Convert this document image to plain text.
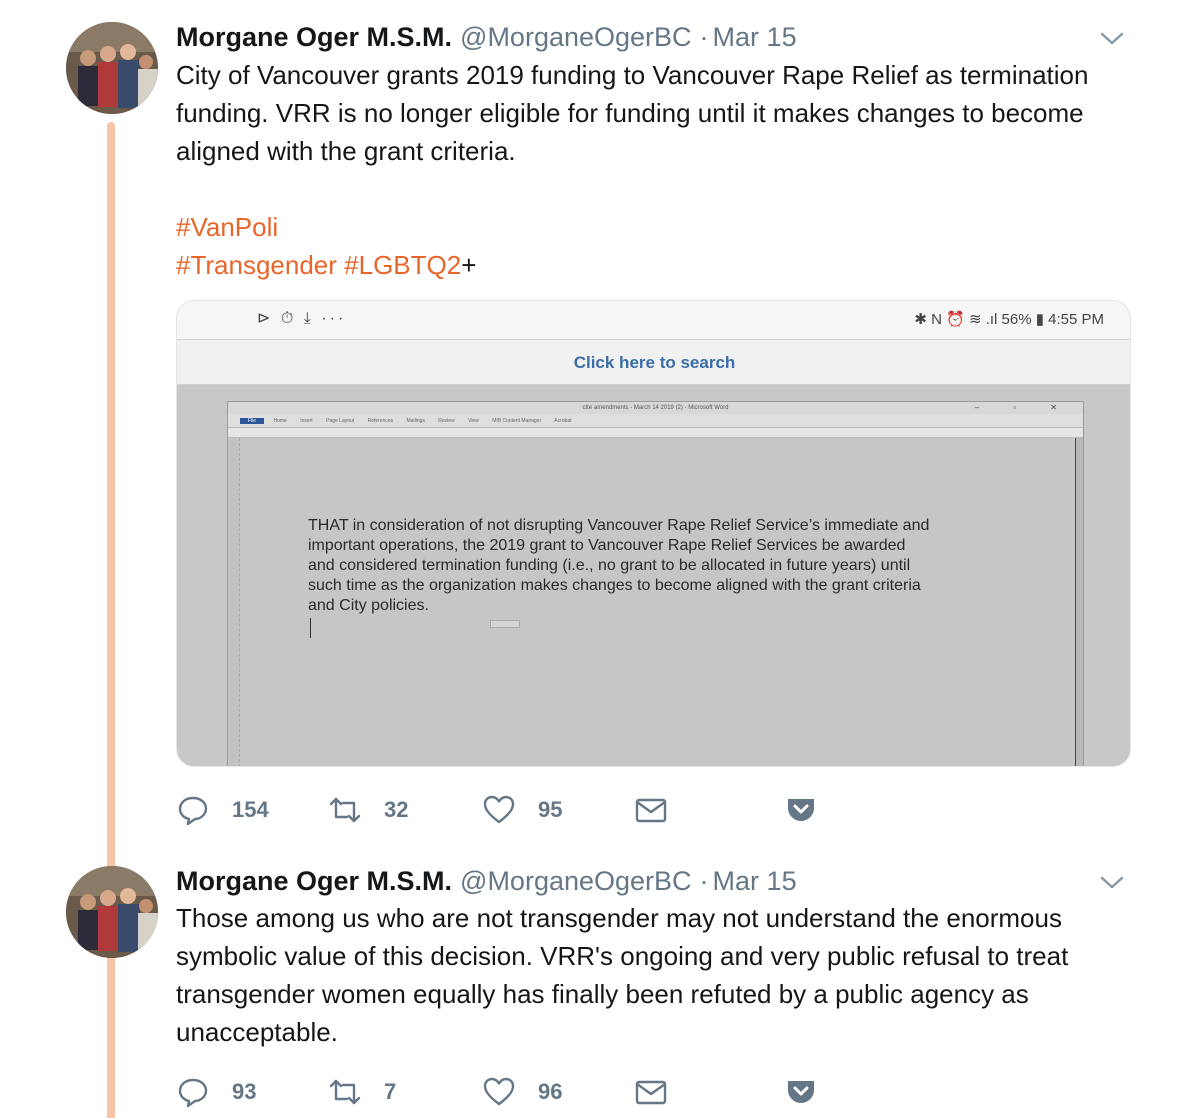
Morgane Oger M.S.M. @MorganeOgerBC · Mar 15
City of Vancouver grants 2019 funding to Vancouver Rape Relief as termination funding. VRR is no longer eligible for funding until it makes changes to become aligned with the grant criteria.
#VanPoli
#Transgender #LGBTQ2+
⊳ ⏱ ⤓ ···	✱ N ⏰ ≋ .ıl 56% ▮ 4:55 PM
Click here to search
ctte amendments - March 14 2019 (2) - Microsoft Word	– ▫ ✕
File	Home	Insert	Page Layout	References	Mailings	Review	View	MIB Content Manager	Acrobat
THAT in consideration of not disrupting Vancouver Rape Relief Service’s immediate and
important operations, the 2019 grant to Vancouver Rape Relief Services be awarded
and considered termination funding (i.e., no grant to be allocated in future years) until
such time as the organization makes changes to become aligned with the grant criteria
and City policies.
154	32	95
Morgane Oger M.S.M. @MorganeOgerBC · Mar 15
Those among us who are not transgender may not understand the enormous symbolic value of this decision. VRR's ongoing and very public refusal to treat transgender women equally has finally been refuted by a public agency as unacceptable.
93	7	96
